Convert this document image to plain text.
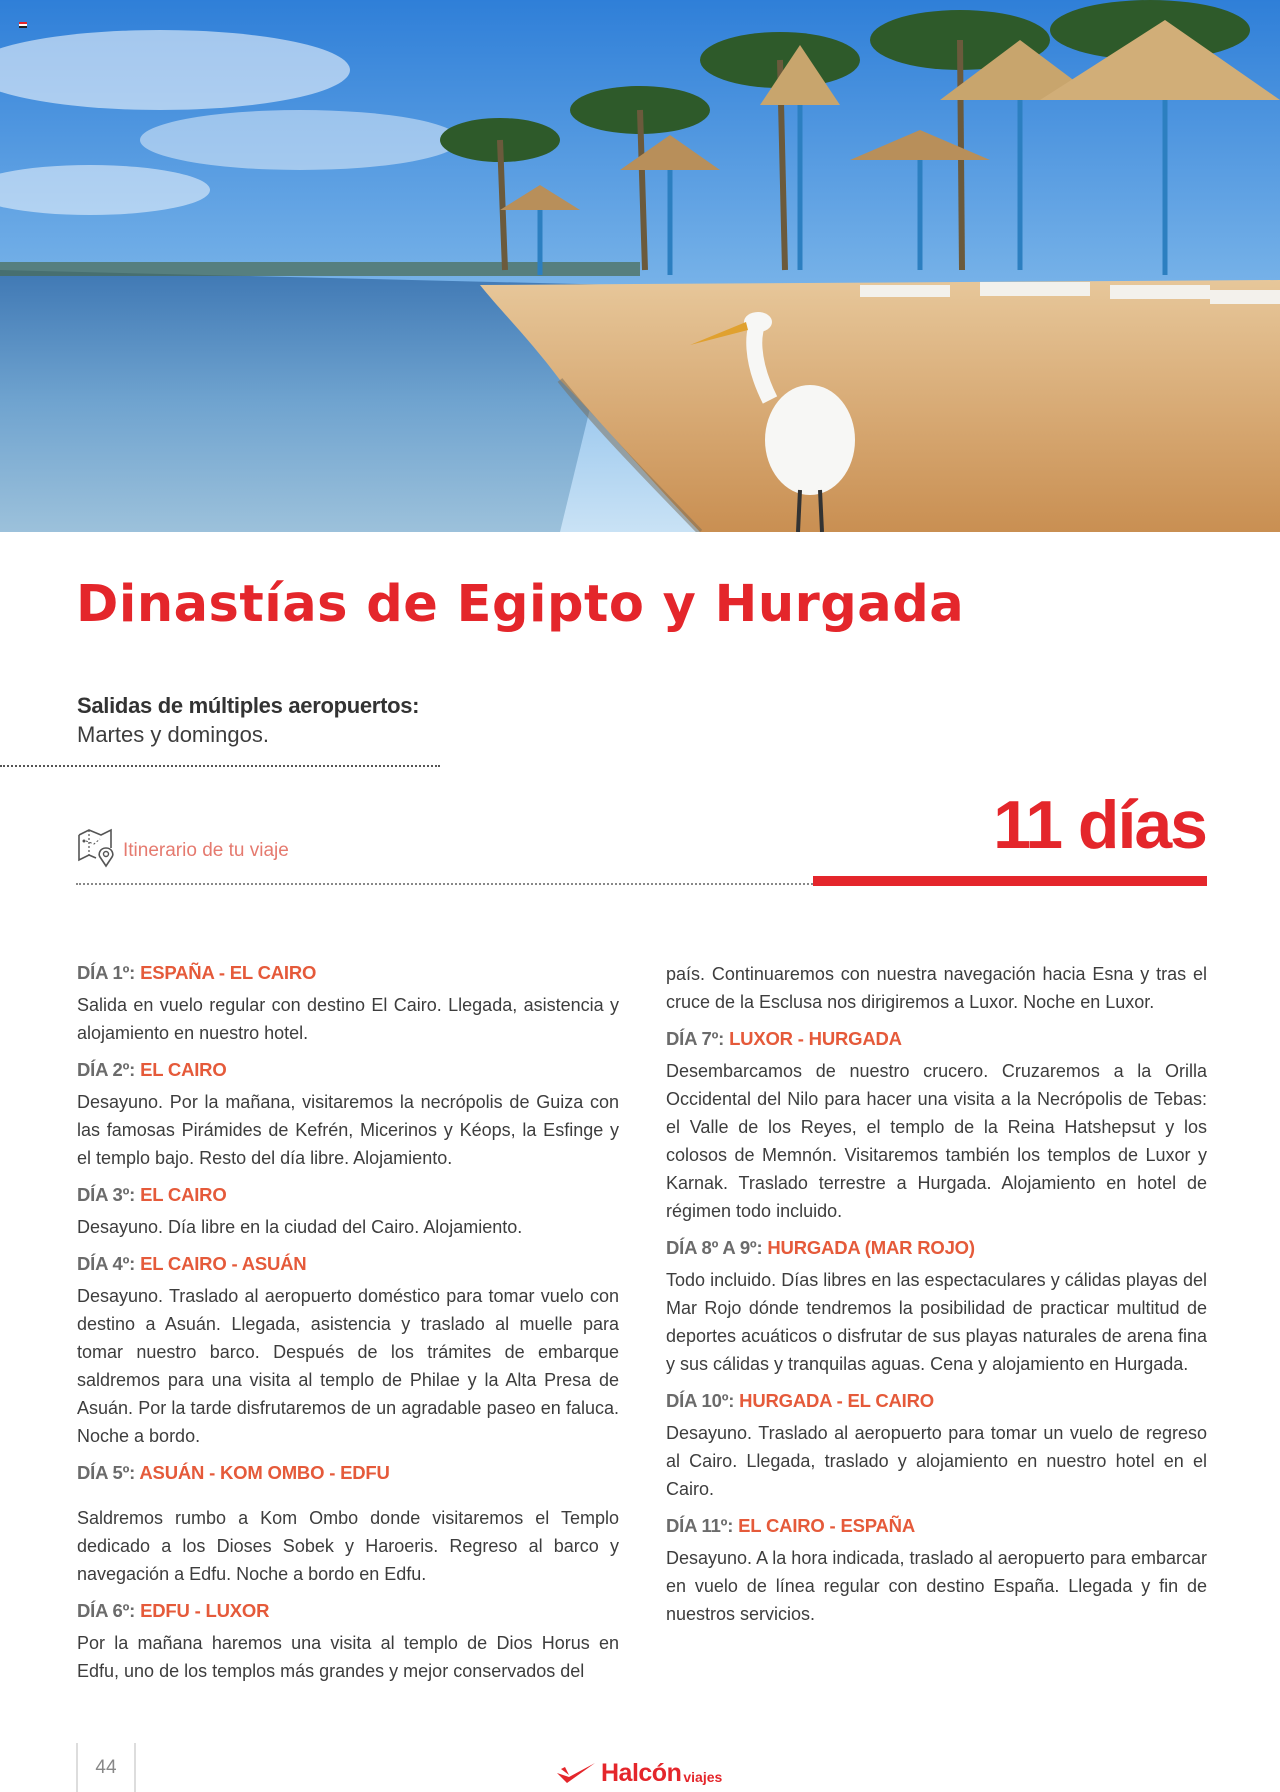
Dinastías de Egipto y Hurgada
Salidas de múltiples aeropuertos:
Martes y domingos.
Itinerario de tu viaje	11 días
DÍA 1º: ESPAÑA - EL CAIRO

Salida en vuelo regular con destino El Cairo. Llegada, asistencia y alojamiento en nuestro hotel.

DÍA 2º: EL CAIRO

Desayuno. Por la mañana, visitaremos la necrópolis de Guiza con las famosas Pirámides de Kefrén, Micerinos y Kéops, la Esfinge y el templo bajo. Resto del día libre. Alojamiento.

DÍA 3º: EL CAIRO

Desayuno. Día libre en la ciudad del Cairo. Alojamiento.

DÍA 4º: EL CAIRO - ASUÁN

Desayuno. Traslado al aeropuerto doméstico para tomar vuelo con destino a Asuán. Llegada, asistencia y traslado al muelle para tomar nuestro barco. Después de los trámites de embarque saldremos para una visita al templo de Philae y la Alta Presa de Asuán. Por la tarde disfrutaremos de un agradable paseo en faluca. Noche a bordo.

DÍA 5º: ASUÁN - KOM OMBO - EDFU

Saldremos rumbo a Kom Ombo donde visitaremos el Templo dedicado a los Dioses Sobek y Haroeris. Regreso al barco y navegación a Edfu. Noche a bordo en Edfu.

DÍA 6º: EDFU - LUXOR

Por la mañana haremos una visita al templo de Dios Horus en Edfu, uno de los templos más grandes y mejor conservados del

país. Continuaremos con nuestra navegación hacia Esna y tras el cruce de la Esclusa nos dirigiremos a Luxor. Noche en Luxor.

DÍA 7º: LUXOR - HURGADA

Desembarcamos de nuestro crucero. Cruzaremos a la Orilla Occidental del Nilo para hacer una visita a la Necrópolis de Tebas: el Valle de los Reyes, el templo de la Reina Hatshepsut y los colosos de Memnón. Visitaremos también los templos de Luxor y Karnak. Traslado terrestre a Hurgada. Alojamiento en hotel de régimen todo incluido.

DÍA 8º A 9º: HURGADA (MAR ROJO)

Todo incluido. Días libres en las espectaculares y cálidas playas del Mar Rojo dónde tendremos la posibilidad de practicar multitud de deportes acuáticos o disfrutar de sus playas naturales de arena fina y sus cálidas y tranquilas aguas. Cena y alojamiento en Hurgada.

DÍA 10º: HURGADA - EL CAIRO

Desayuno. Traslado al aeropuerto para tomar un vuelo de regreso al Cairo. Llegada, traslado y alojamiento en nuestro hotel en el Cairo.

DÍA 11º: EL CAIRO - ESPAÑA

Desayuno. A la hora indicada, traslado al aeropuerto para embarcar en vuelo de línea regular con destino España. Llegada y fin de nuestros servicios.

44	Halcón viajes
